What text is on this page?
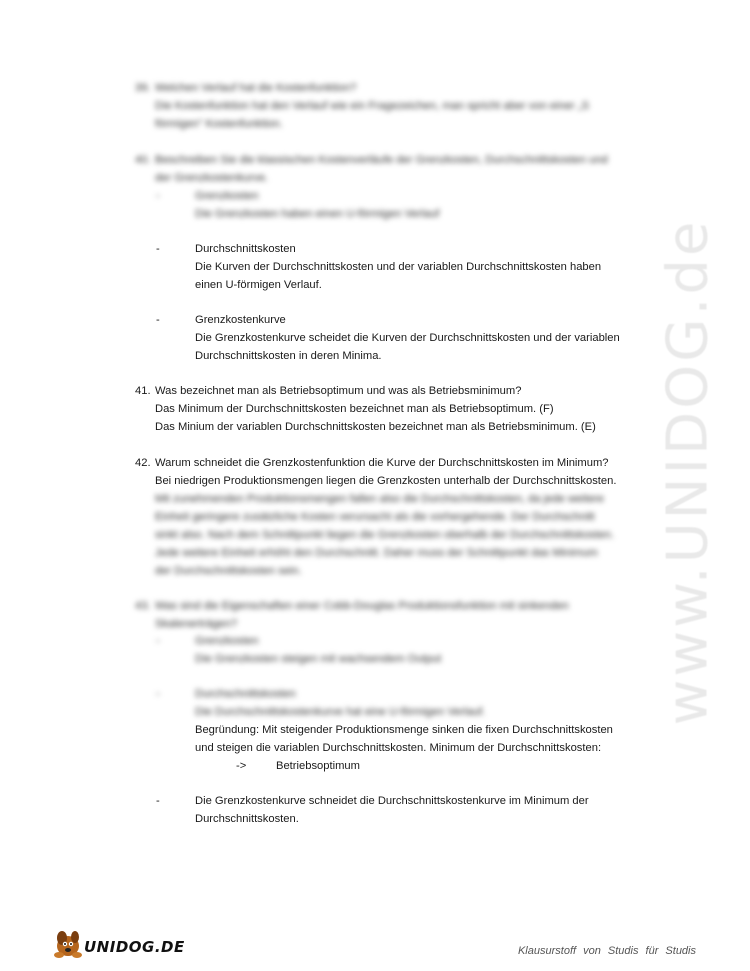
www.UNIDOG.de
39. Welchen Verlauf hat die Kostenfunktion?
Die Kostenfunktion hat den Verlauf wie ein Fragezeichen, man spricht aber von einer „S
förmigen" Kostenfunktion.
40. Beschreiben Sie die klassischen Kostenverläufe der Grenzkosten, Durchschnittskosten und
der Grenzkostenkurve.
-	Grenzkosten
Die Grenzkosten haben einen U-förmigen Verlauf
-	Durchschnittskosten
Die Kurven der Durchschnittskosten und der variablen Durchschnittskosten haben
einen U-förmigen Verlauf.
-	Grenzkostenkurve
Die Grenzkostenkurve scheidet die Kurven der Durchschnittskosten und der variablen
Durchschnittskosten in deren Minima.
41. Was bezeichnet man als Betriebsoptimum und was als Betriebsminimum?
Das Minimum der Durchschnittskosten bezeichnet man als Betriebsoptimum. (F)
Das Minium der variablen Durchschnittskosten bezeichnet man als Betriebsminimum. (E)
42. Warum schneidet die Grenzkostenfunktion die Kurve der Durchschnittskosten im Minimum?
Bei niedrigen Produktionsmengen liegen die Grenzkosten unterhalb der Durchschnittskosten.
Mit zunehmenden Produktionsmengen fallen also die Durchschnittskosten, da jede weitere
Einheit geringere zusätzliche Kosten verursacht als die vorhergehende. Der Durchschnitt
sinkt also. Nach dem Schnittpunkt liegen die Grenzkosten oberhalb der Durchschnittskosten.
Jede weitere Einheit erhöht den Durchschnitt. Daher muss der Schnittpunkt das Minimum
der Durchschnittskosten sein.
43. Was sind die Eigenschaften einer Cobb-Douglas Produktionsfunktion mit sinkenden
Skalenerträgen?
-	Grenzkosten
Die Grenzkosten steigen mit wachsendem Output
-	Durchschnittskosten
Die Durchschnittskostenkurve hat eine U-förmigen Verlauf.
Begründung: Mit steigender Produktionsmenge sinken die fixen Durchschnittskosten
und steigen die variablen Durchschnittskosten. Minimum der Durchschnittskosten:
->	Betriebsoptimum
-	Die Grenzkostenkurve schneidet die Durchschnittskostenkurve im Minimum der
Durchschnittskosten.
UNIDOG.DE	Klausurstoff von Studis für Studis
